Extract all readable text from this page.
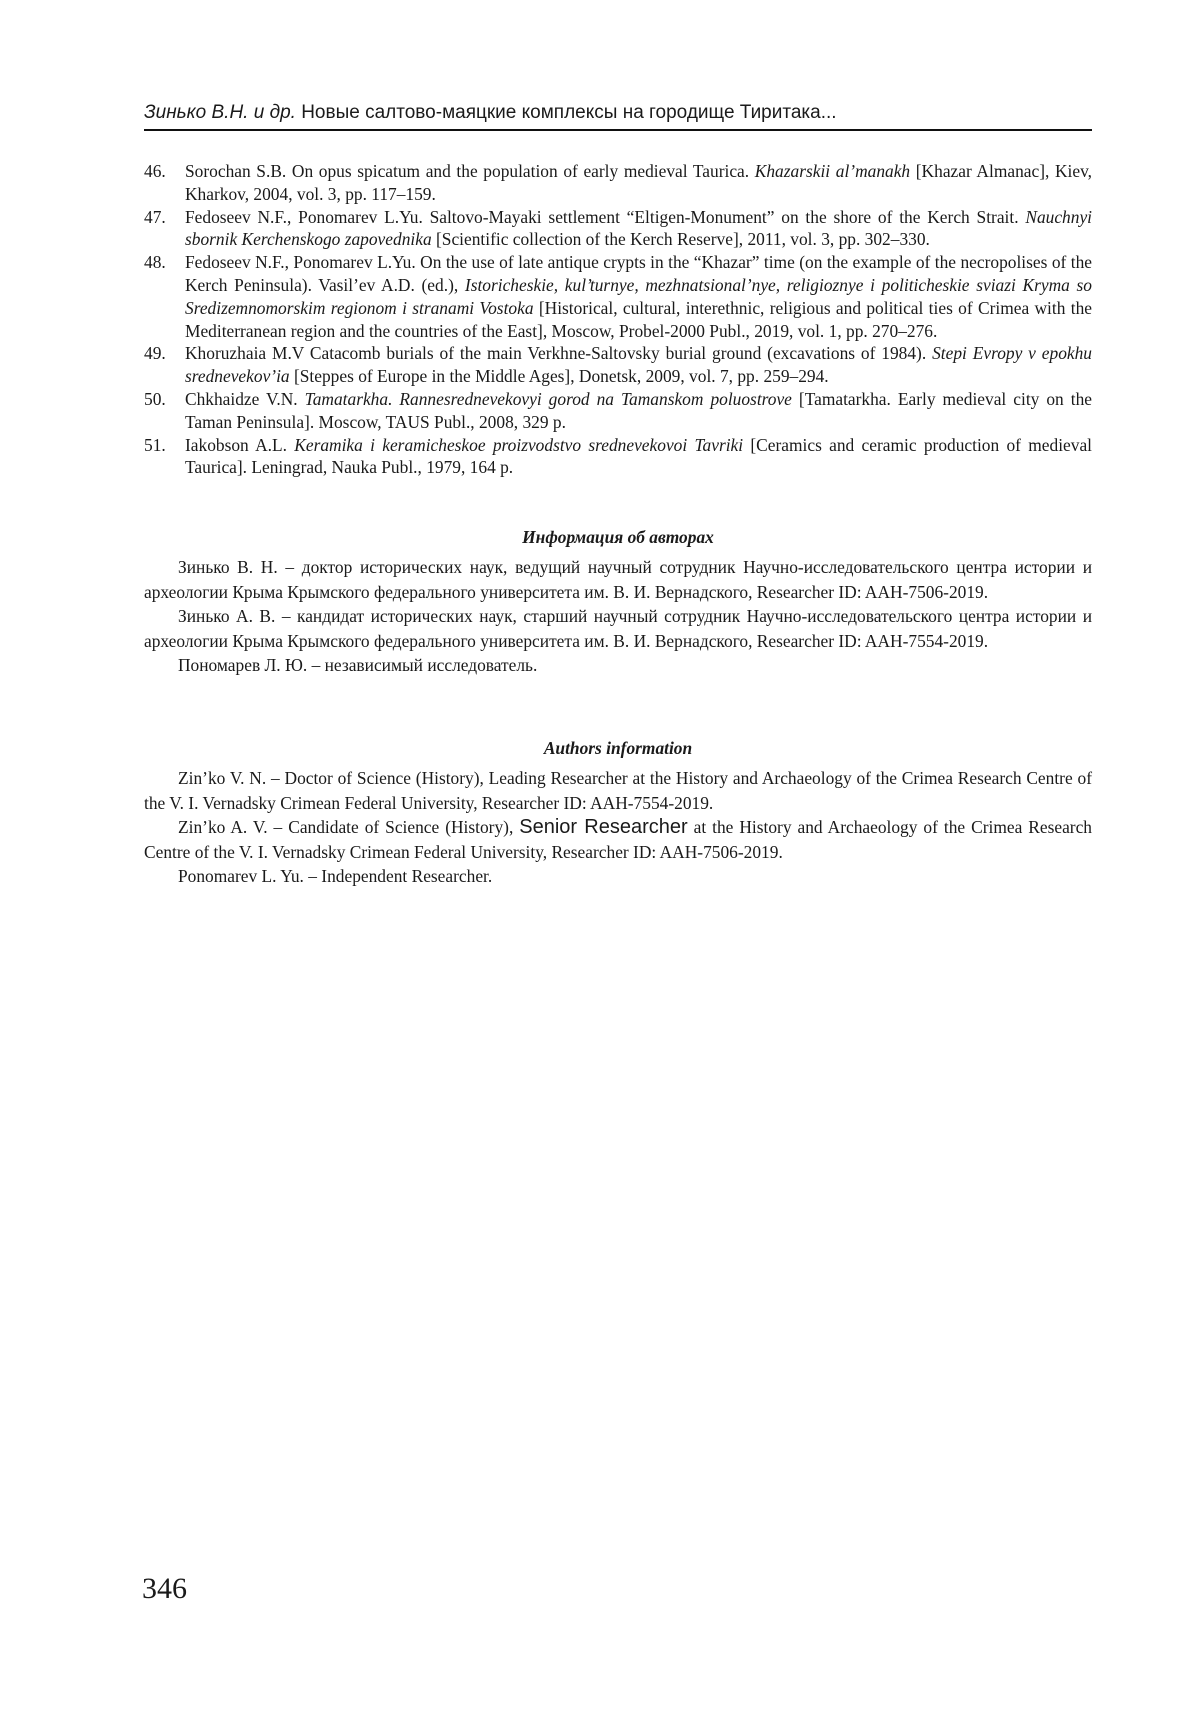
Зинько В.Н. и др. Новые салтово-маяцкие комплексы на городище Тиритака...
46.	Sorochan S.B. On opus spicatum and the population of early medieval Taurica. Khazarskii al’manakh [Khazar Almanac], Kiev, Kharkov, 2004, vol. 3, pp. 117–159.
47.	Fedoseev N.F., Ponomarev L.Yu. Saltovo-Mayaki settlement “Eltigen-Monument” on the shore of the Kerch Strait. Nauchnyi sbornik Kerchenskogo zapovednika [Scientific collection of the Kerch Reserve], 2011, vol. 3, pp. 302–330.
48.	Fedoseev N.F., Ponomarev L.Yu. On the use of late antique crypts in the “Khazar” time (on the example of the necropolises of the Kerch Peninsula). Vasil’ev A.D. (ed.), Istoricheskie, kul’turnye, mezhnatsional’nye, religioznye i politicheskie sviazi Kryma so Sredizemnomorskim regionom i stranami Vostoka [Historical, cultural, interethnic, religious and political ties of Crimea with the Mediterranean region and the countries of the East], Moscow, Probel-2000 Publ., 2019, vol. 1, pp. 270–276.
49.	Khoruzhaia M.V Catacomb burials of the main Verkhne-Saltovsky burial ground (excavations of 1984). Stepi Evropy v epokhu srednevekov’ia [Steppes of Europe in the Middle Ages], Donetsk, 2009, vol. 7, pp. 259–294.
50.	Chkhaidze V.N. Tamatarkha. Rannesrednevekovyi gorod na Tamanskom poluostrove [Tamatarkha. Early medieval city on the Taman Peninsula]. Moscow, TAUS Publ., 2008, 329 p.
51.	Iakobson A.L. Keramika i keramicheskoe proizvodstvo srednevekovoi Tavriki [Ceramics and ceramic production of medieval Taurica]. Leningrad, Nauka Publ., 1979, 164 p.
Информация об авторах

Зинько В. Н. – доктор исторических наук, ведущий научный сотрудник Научно-исследовательского центра истории и археологии Крыма Крымского федерального университета им. В. И. Вернадского, Researcher ID: AAH-7506-2019.

Зинько А. В. – кандидат исторических наук, старший научный сотрудник Научно-исследовательского центра истории и археологии Крыма Крымского федерального университета им. В. И. Вернадского, Researcher ID: AAH-7554-2019.

Пономарев Л. Ю. – независимый исследователь.

Authors information

Zin’ko V. N. – Doctor of Science (History), Leading Researcher at the History and Archaeology of the Crimea Research Centre of the V. I. Vernadsky Crimean Federal University, Researcher ID: AAH-7554-2019.

Zin’ko A. V. – Candidate of Science (History), Senior Researcher at the History and Archaeology of the Crimea Research Centre of the V. I. Vernadsky Crimean Federal University, Researcher ID: AAH-7506-2019.

Ponomarev L. Yu. – Independent Researcher.

346
